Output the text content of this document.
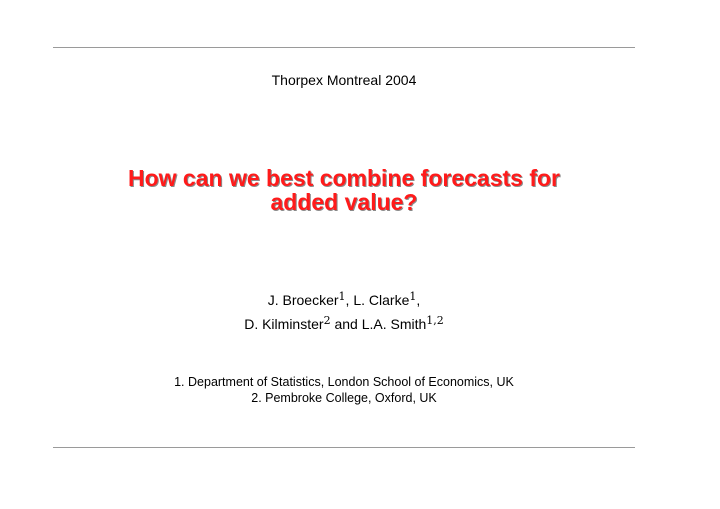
Thorpex Montreal 2004
How can we best combine forecasts for
added value?
J. Broecker$^1$, L. Clarke$^1$,
D. Kilminster$^2$ and L.A. Smith$^{1,2}$
1. Department of Statistics, London School of Economics, UK
2. Pembroke College, Oxford, UK
